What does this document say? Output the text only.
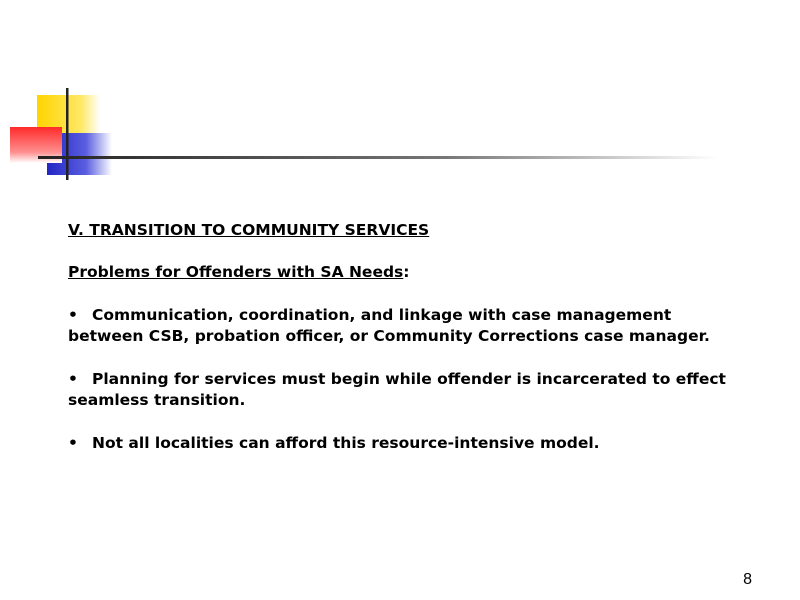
V. TRANSITION TO COMMUNITY SERVICES

Problems for Offenders with SA Needs:

• Communication, coordination, and linkage with case management between CSB, probation officer, or Community Corrections case manager.

• Planning for services must begin while offender is incarcerated to effect seamless transition.

• Not all localities can afford this resource-intensive model.

8
